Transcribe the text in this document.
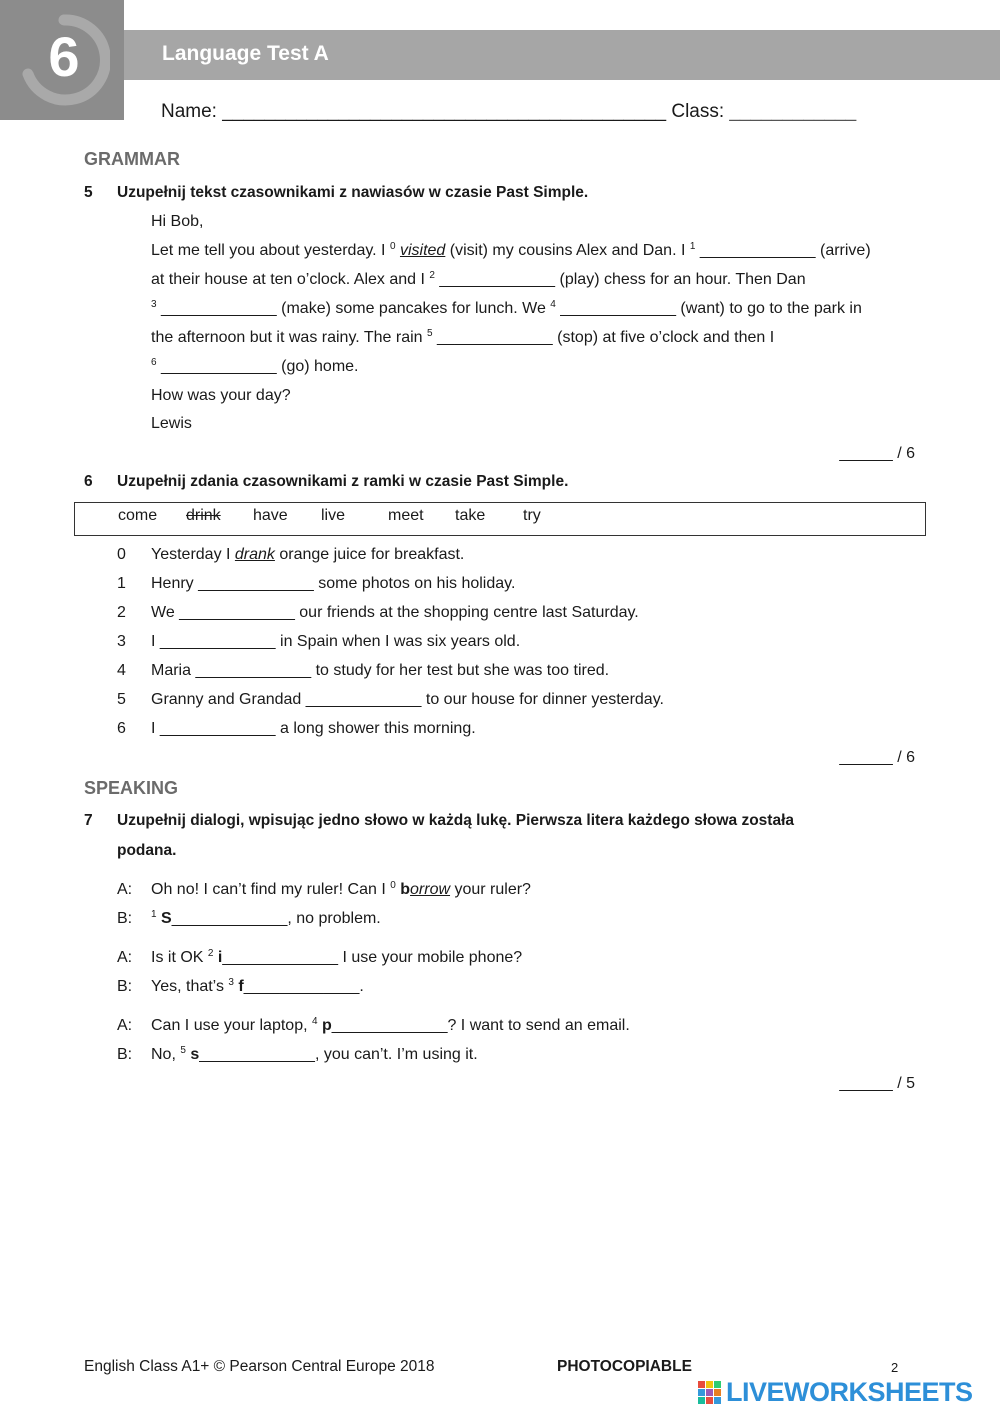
6	Language Test A
Name: __________________________________________ Class: ____________
GRAMMAR
5 Uzupełnij tekst czasownikami z nawiasów w czasie Past Simple.
Hi Bob,
Let me tell you about yesterday. I $^0$ visited (visit) my cousins Alex and Dan. I $^1$ _____________ (arrive)
at their house at ten o’clock. Alex and I $^2$ _____________ (play) chess for an hour. Then Dan
$^3$ _____________ (make) some pancakes for lunch. We $^4$ _____________ (want) to go to the park in
the afternoon but it was rainy. The rain $^5$ _____________ (stop) at five o’clock and then I
$^6$ _____________ (go) home.
How was your day?
Lewis
______ / 6
6 Uzupełnij zdania czasownikami z ramki w czasie Past Simple.
come drink have live	meet take try
0 Yesterday I drank orange juice for breakfast.
1 Henry _____________ some photos on his holiday.
2 We _____________ our friends at the shopping centre last Saturday.
3 I _____________ in Spain when I was six years old.
4 Maria _____________ to study for her test but she was too tired.
5 Granny and Grandad _____________ to our house for dinner yesterday.
6 I _____________ a long shower this morning.
______ / 6
SPEAKING
7 Uzupełnij dialogi, wpisując jedno słowo w każdą lukę. Pierwsza litera każdego słowa została
podana.
A: Oh no! I can’t find my ruler! Can I $^0$ borrow your ruler?
B: $^1$ S_____________, no problem.
A: Is it OK $^2$ i_____________ I use your mobile phone?
B: Yes, that’s $^3$ f_____________.
A: Can I use your laptop, $^4$ p_____________? I want to send an email.
B: No, $^5$ s_____________, you can’t. I’m using it.
______ / 5
English Class A1+ © Pearson Central Europe 2018	PHOTOCOPIABLE	2
LIVEWORKSHEETS
